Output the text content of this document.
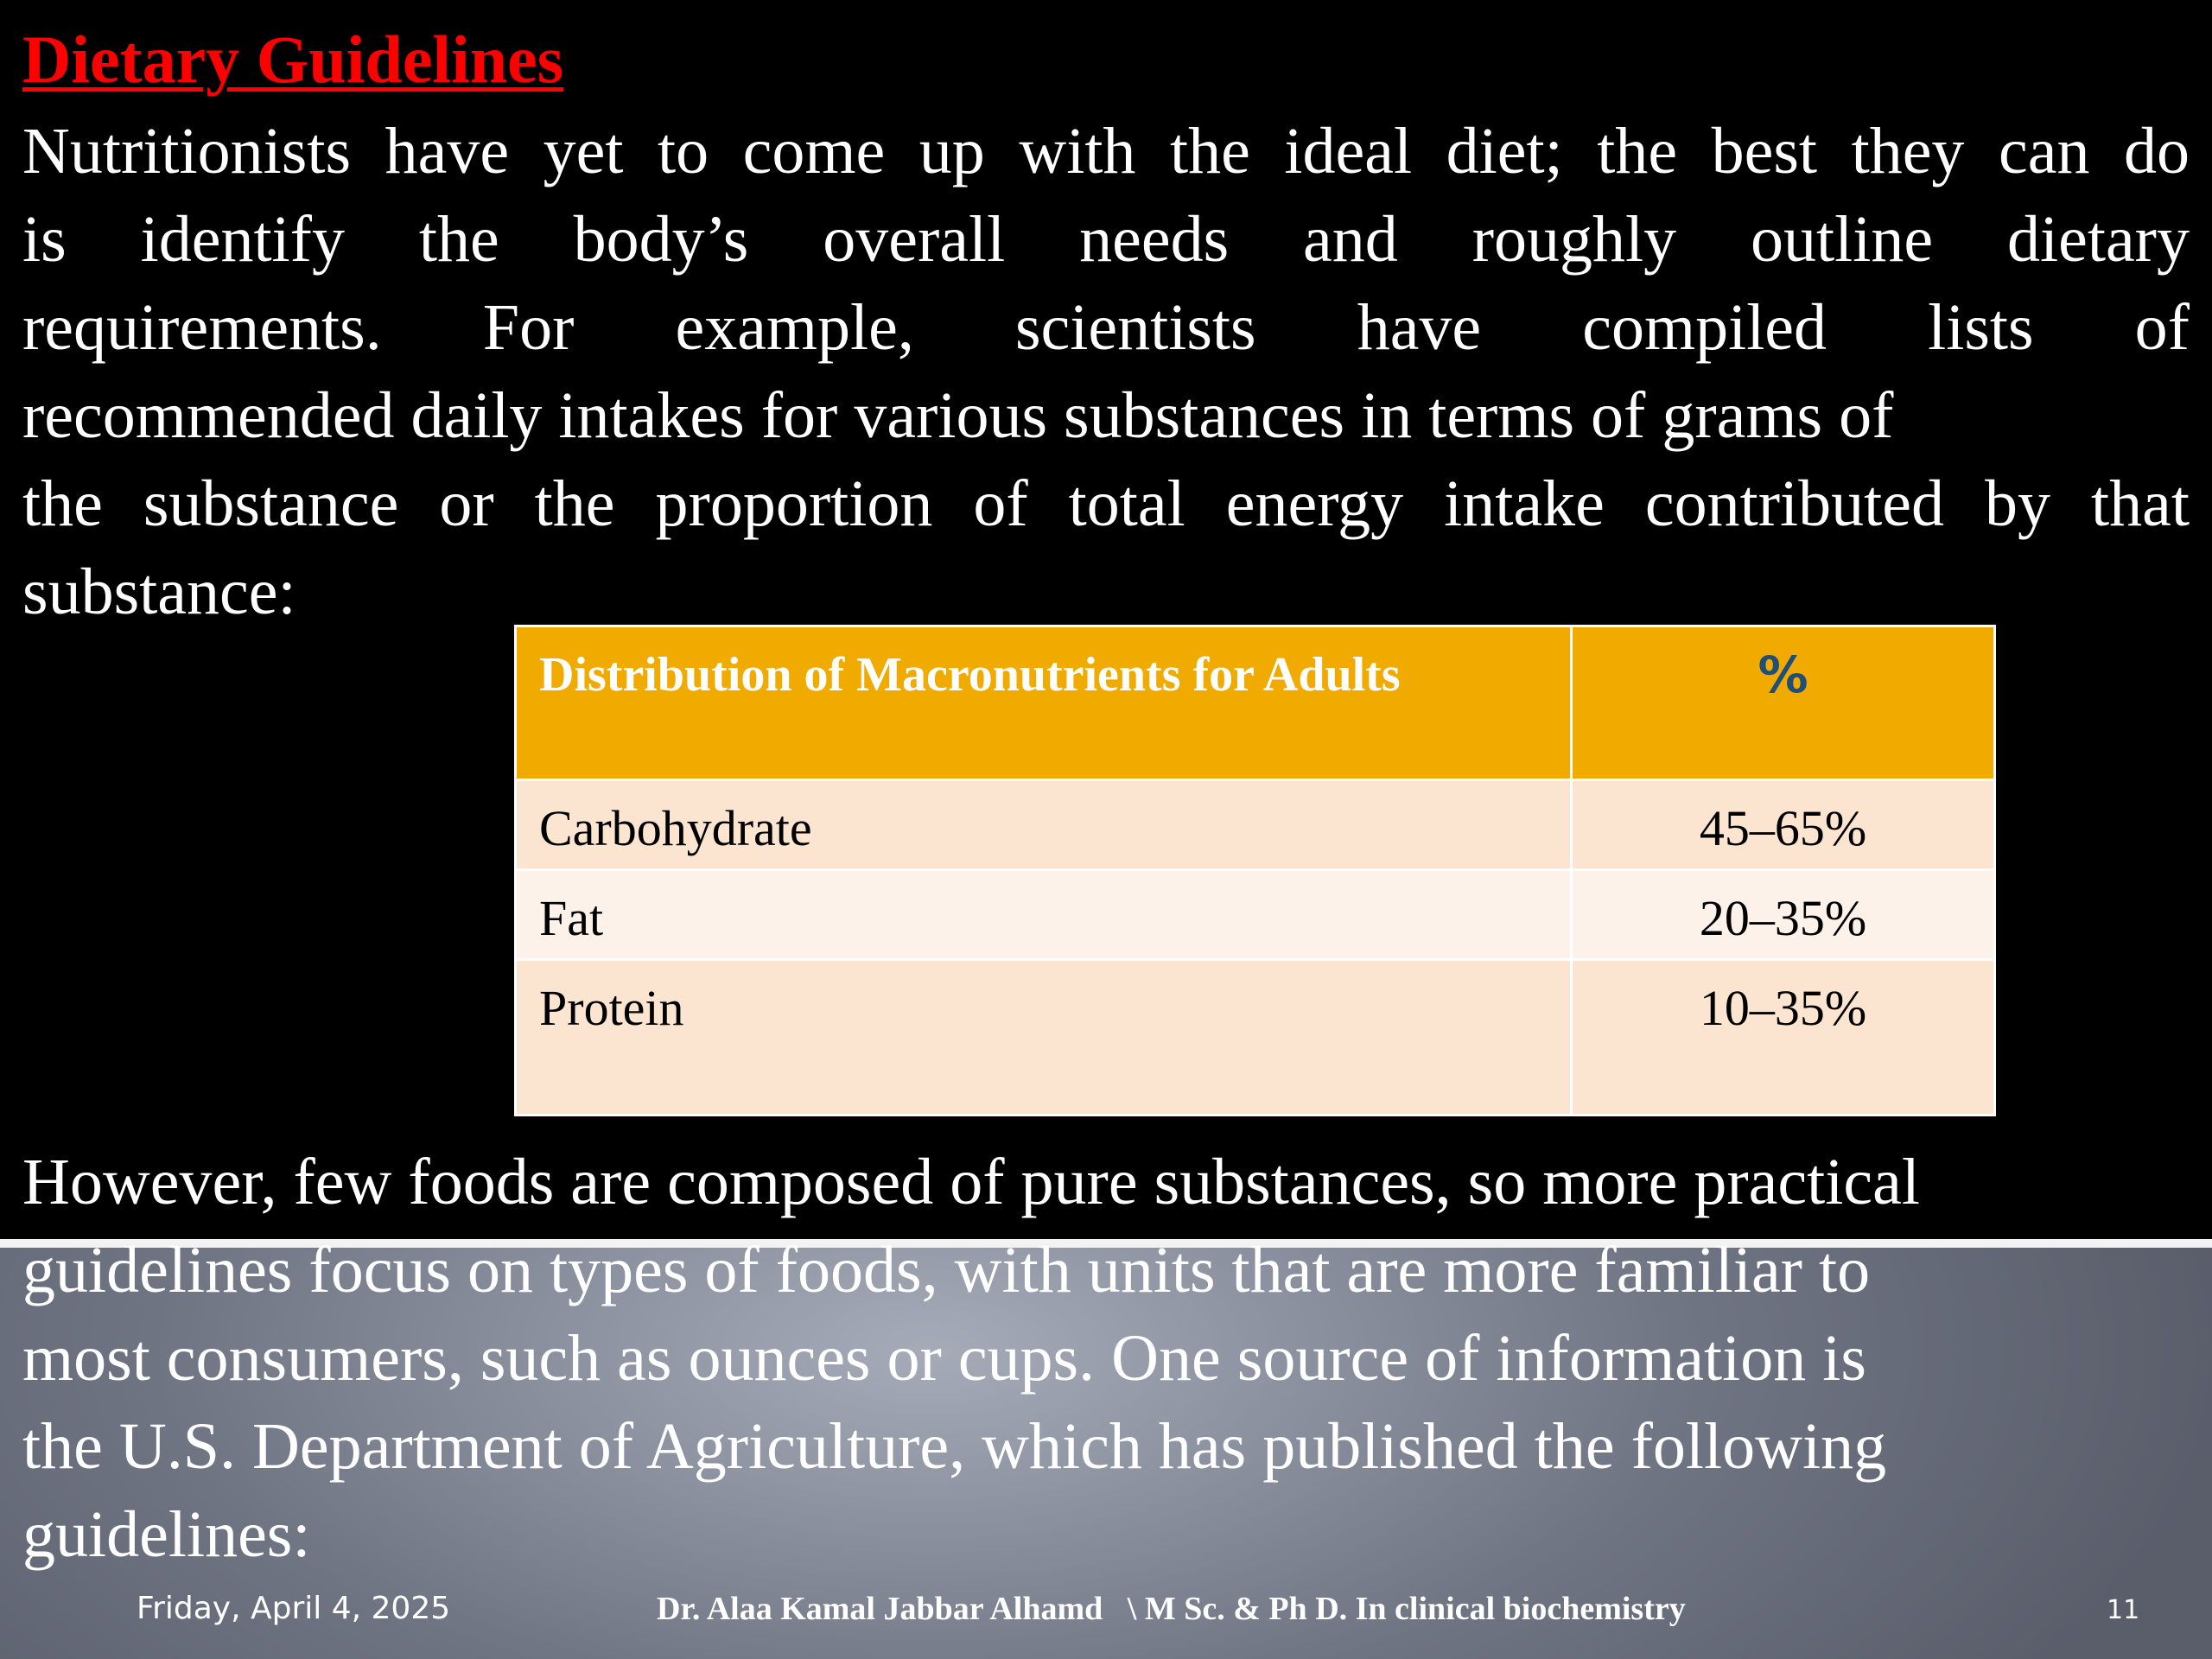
Dietary Guidelines

Nutritionists have yet to come up with the ideal diet; the best they can do
is identify the body’s overall needs and roughly outline dietary
requirements. For example, scientists have compiled lists of
recommended daily intakes for various substances in terms of grams of
the substance or the proportion of total energy intake contributed by that
substance:

Distribution of Macronutrients for Adults	%
Carbohydrate	45–65%
Fat	20–35%
Protein	10–35%

However, few foods are composed of pure substances, so more practical
guidelines focus on types of foods, with units that are more familiar to
most consumers, such as ounces or cups. One source of information is
the U.S. Department of Agriculture, which has published the following
guidelines:

Friday, April 4, 2025	Dr. Alaa Kamal Jabbar Alhamd   \ M Sc. & Ph D. In clinical biochemistry	11
